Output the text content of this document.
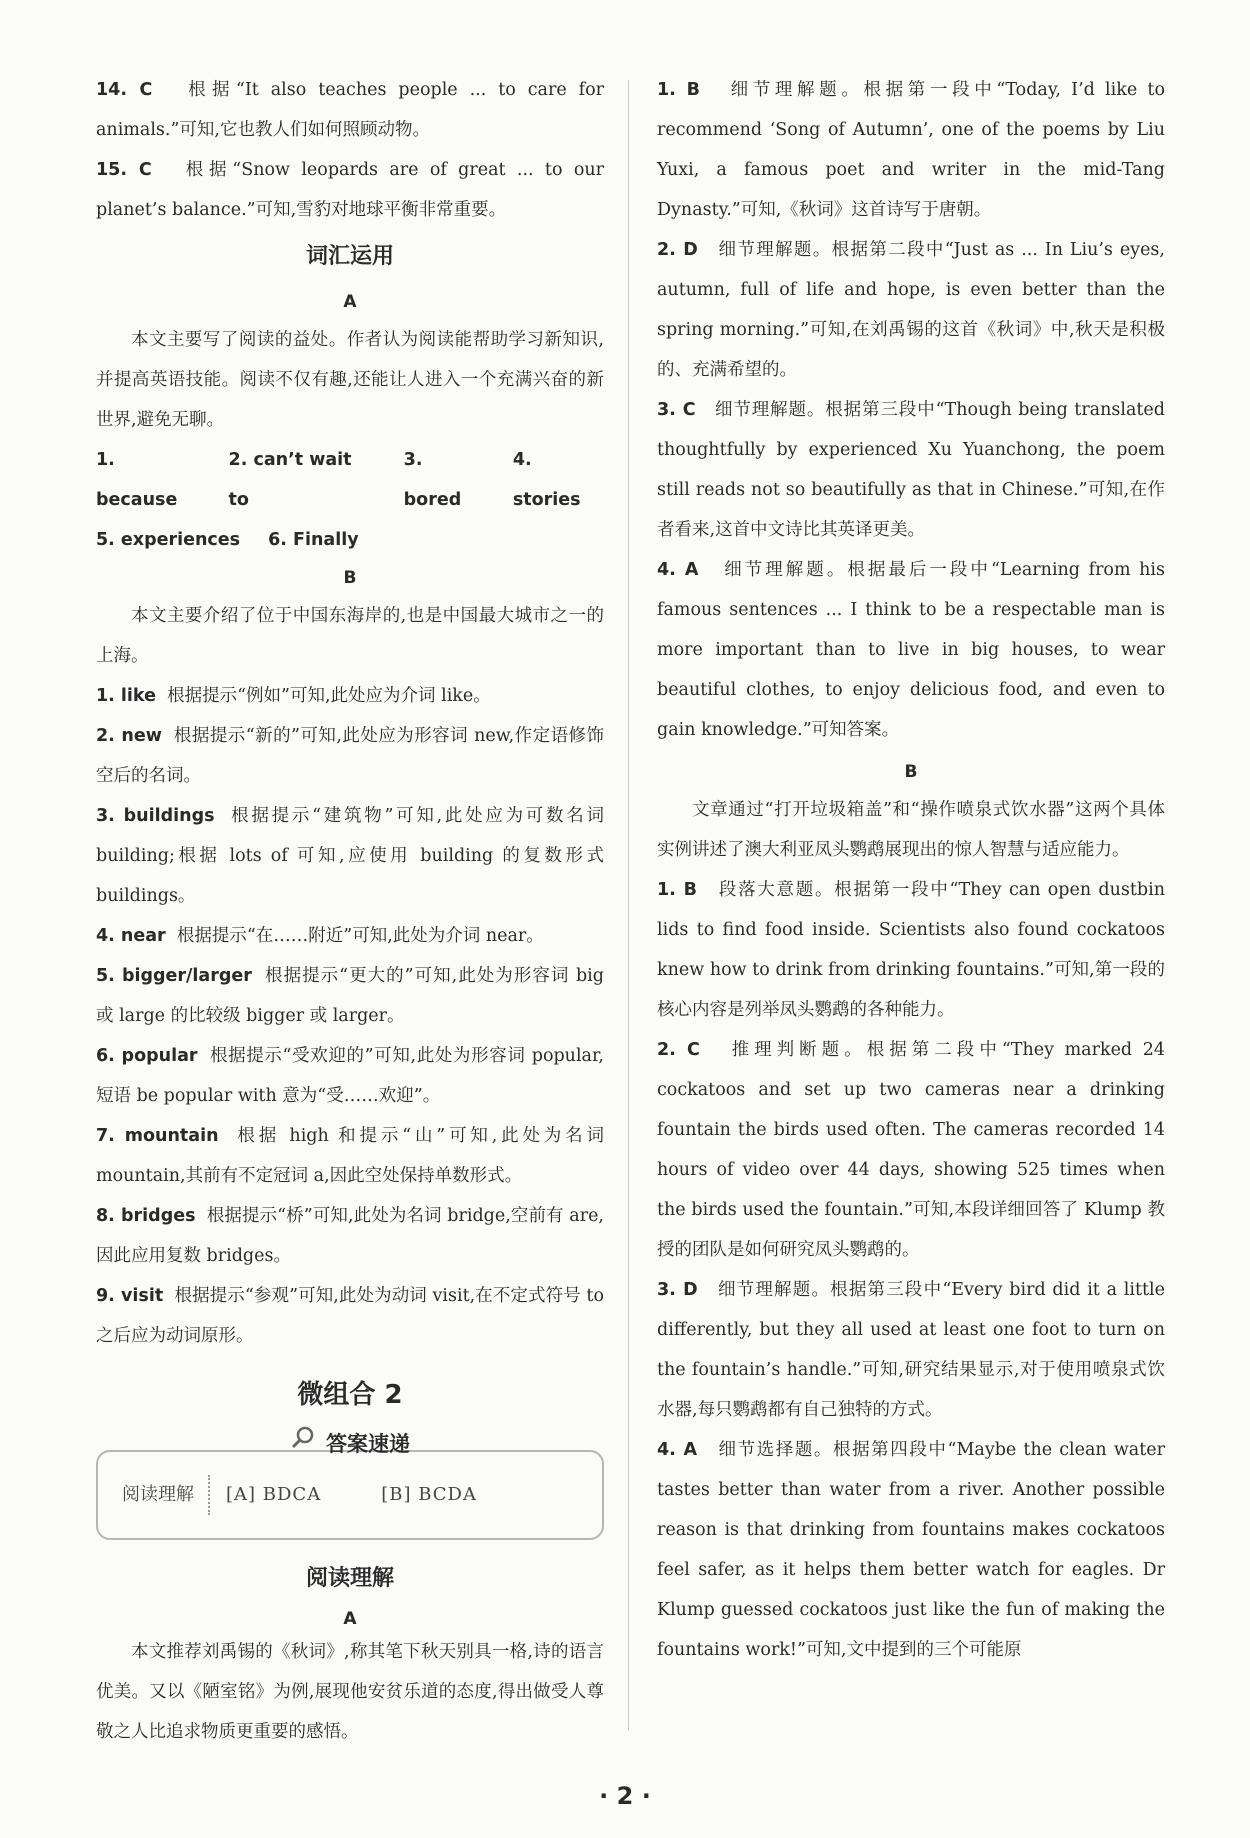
14. C 根据“It also teaches people ... to care for animals.”可知,它也教人们如何照顾动物。

15. C 根据“Snow leopards are of great ... to our planet’s balance.”可知,雪豹对地球平衡非常重要。

词汇运用
A

本文主要写了阅读的益处。作者认为阅读能帮助学习新知识,并提高英语技能。阅读不仅有趣,还能让人进入一个充满兴奋的新世界,避免无聊。

1. because
2. can’t wait to
3. bored
4. stories
5. experiences 6. Finally
B

本文主要介绍了位于中国东海岸的,也是中国最大城市之一的上海。

1. like 根据提示“例如”可知,此处应为介词 like。

2. new 根据提示“新的”可知,此处应为形容词 new,作定语修饰空后的名词。

3. buildings 根据提示“建筑物”可知,此处应为可数名词 building;根据 lots of 可知,应使用 building 的复数形式 buildings。

4. near 根据提示“在……附近”可知,此处为介词 near。

5. bigger/larger 根据提示“更大的”可知,此处为形容词 big 或 large 的比较级 bigger 或 larger。

6. popular 根据提示“受欢迎的”可知,此处为形容词 popular,短语 be popular with 意为“受……欢迎”。

7. mountain 根据 high 和提示“山”可知,此处为名词 mountain,其前有不定冠词 a,因此空处保持单数形式。

8. bridges 根据提示“桥”可知,此处为名词 bridge,空前有 are,因此应用复数 bridges。

9. visit 根据提示“参观”可知,此处为动词 visit,在不定式符号 to 之后应为动词原形。

微组合 2
答案速递
阅读理解	[A] BDCA	[B] BCDA
阅读理解
A

本文推荐刘禹锡的《秋词》,称其笔下秋天别具一格,诗的语言优美。又以《陋室铭》为例,展现他安贫乐道的态度,得出做受人尊敬之人比追求物质更重要的感悟。

1. B 细节理解题。根据第一段中“Today, I’d like to recommend ‘Song of Autumn’, one of the poems by Liu Yuxi, a famous poet and writer in the mid-Tang Dynasty.”可知,《秋词》这首诗写于唐朝。

2. D 细节理解题。根据第二段中“Just as ... In Liu’s eyes, autumn, full of life and hope, is even better than the spring morning.”可知,在刘禹锡的这首《秋词》中,秋天是积极的、充满希望的。

3. C 细节理解题。根据第三段中“Though being translated thoughtfully by experienced Xu Yuanchong, the poem still reads not so beautifully as that in Chinese.”可知,在作者看来,这首中文诗比其英译更美。

4. A 细节理解题。根据最后一段中“Learning from his famous sentences ... I think to be a respectable man is more important than to live in big houses, to wear beautiful clothes, to enjoy delicious food, and even to gain knowledge.”可知答案。

B

文章通过“打开垃圾箱盖”和“操作喷泉式饮水器”这两个具体实例讲述了澳大利亚凤头鹦鹉展现出的惊人智慧与适应能力。

1. B 段落大意题。根据第一段中“They can open dustbin lids to find food inside. Scientists also found cockatoos knew how to drink from drinking fountains.”可知,第一段的核心内容是列举凤头鹦鹉的各种能力。

2. C 推理判断题。根据第二段中“They marked 24 cockatoos and set up two cameras near a drinking fountain the birds used often. The cameras recorded 14 hours of video over 44 days, showing 525 times when the birds used the fountain.”可知,本段详细回答了 Klump 教授的团队是如何研究凤头鹦鹉的。

3. D 细节理解题。根据第三段中“Every bird did it a little differently, but they all used at least one foot to turn on the fountain’s handle.”可知,研究结果显示,对于使用喷泉式饮水器,每只鹦鹉都有自己独特的方式。

4. A 细节选择题。根据第四段中“Maybe the clean water tastes better than water from a river. Another possible reason is that drinking from fountains makes cockatoos feel safer, as it helps them better watch for eagles. Dr Klump guessed cockatoos just like the fun of making the fountains work!”可知,文中提到的三个可能原

· 2 ·
